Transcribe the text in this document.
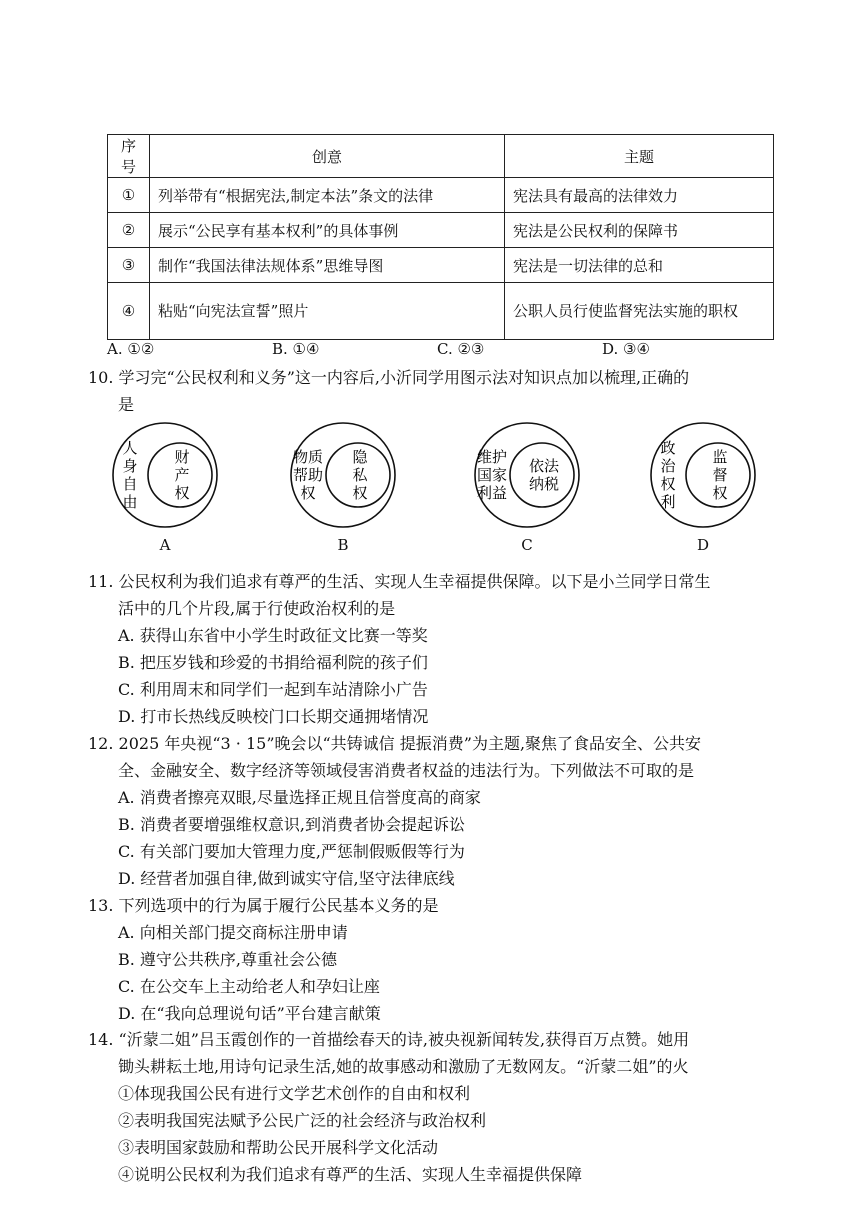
序号	创意	主题
①	列举带有“根据宪法,制定本法”条文的法律	宪法具有最高的法律效力
②	展示“公民享有基本权利”的具体事例	宪法是公民权利的保障书
③	制作“我国法律法规体系”思维导图	宪法是一切法律的总和
④	粘贴“向宪法宣誓”照片	公职人员行使监督宪法实施的职权
A. ①②	B. ①④	C. ②③	D. ③④

10. 学习完“公民权利和义务”这一内容后,小沂同学用图示法对知识点加以梳理,正确的

是

人
身
自
由
财
产
权
A
物质
帮助
权
隐
私
权
B
维护
国家
利益
依法
纳税
C
政
治
权
利
监
督
权
D

11. 公民权利为我们追求有尊严的生活、实现人生幸福提供保障。以下是小兰同学日常生

活中的几个片段,属于行使政治权利的是

A. 获得山东省中小学生时政征文比赛一等奖

B. 把压岁钱和珍爱的书捐给福利院的孩子们

C. 利用周末和同学们一起到车站清除小广告

D. 打市长热线反映校门口长期交通拥堵情况

12. 2025 年央视“3 · 15”晚会以“共铸诚信 提振消费”为主题,聚焦了食品安全、公共安

全、金融安全、数字经济等领域侵害消费者权益的违法行为。下列做法不可取的是

A. 消费者擦亮双眼,尽量选择正规且信誉度高的商家

B. 消费者要增强维权意识,到消费者协会提起诉讼

C. 有关部门要加大管理力度,严惩制假贩假等行为

D. 经营者加强自律,做到诚实守信,坚守法律底线

13. 下列选项中的行为属于履行公民基本义务的是

A. 向相关部门提交商标注册申请

B. 遵守公共秩序,尊重社会公德

C. 在公交车上主动给老人和孕妇让座

D. 在“我向总理说句话”平台建言献策

14. “沂蒙二姐”吕玉霞创作的一首描绘春天的诗,被央视新闻转发,获得百万点赞。她用

锄头耕耘土地,用诗句记录生活,她的故事感动和激励了无数网友。“沂蒙二姐”的火

①体现我国公民有进行文学艺术创作的自由和权利

②表明我国宪法赋予公民广泛的社会经济与政治权利

③表明国家鼓励和帮助公民开展科学文化活动

④说明公民权利为我们追求有尊严的生活、实现人生幸福提供保障
